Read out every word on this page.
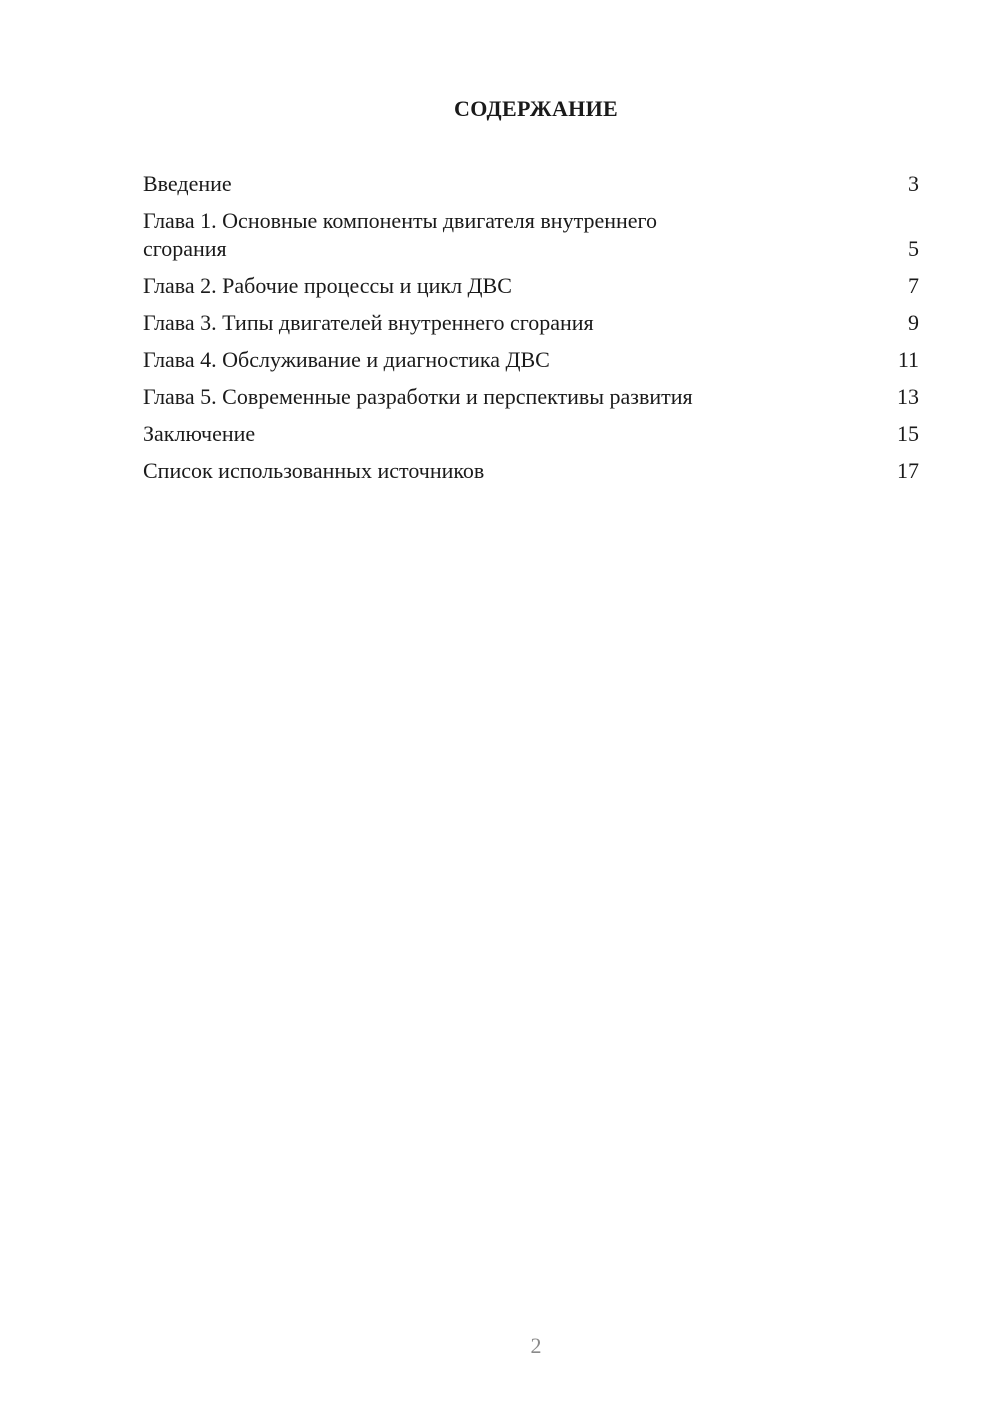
СОДЕРЖАНИЕ
Введение	3
Глава 1. Основные компоненты двигателя внутреннего сгорания	5
Глава 2. Рабочие процессы и цикл ДВС	7
Глава 3. Типы двигателей внутреннего сгорания	9
Глава 4. Обслуживание и диагностика ДВС	11
Глава 5. Современные разработки и перспективы развития	13
Заключение	15
Список использованных источников	17
2
